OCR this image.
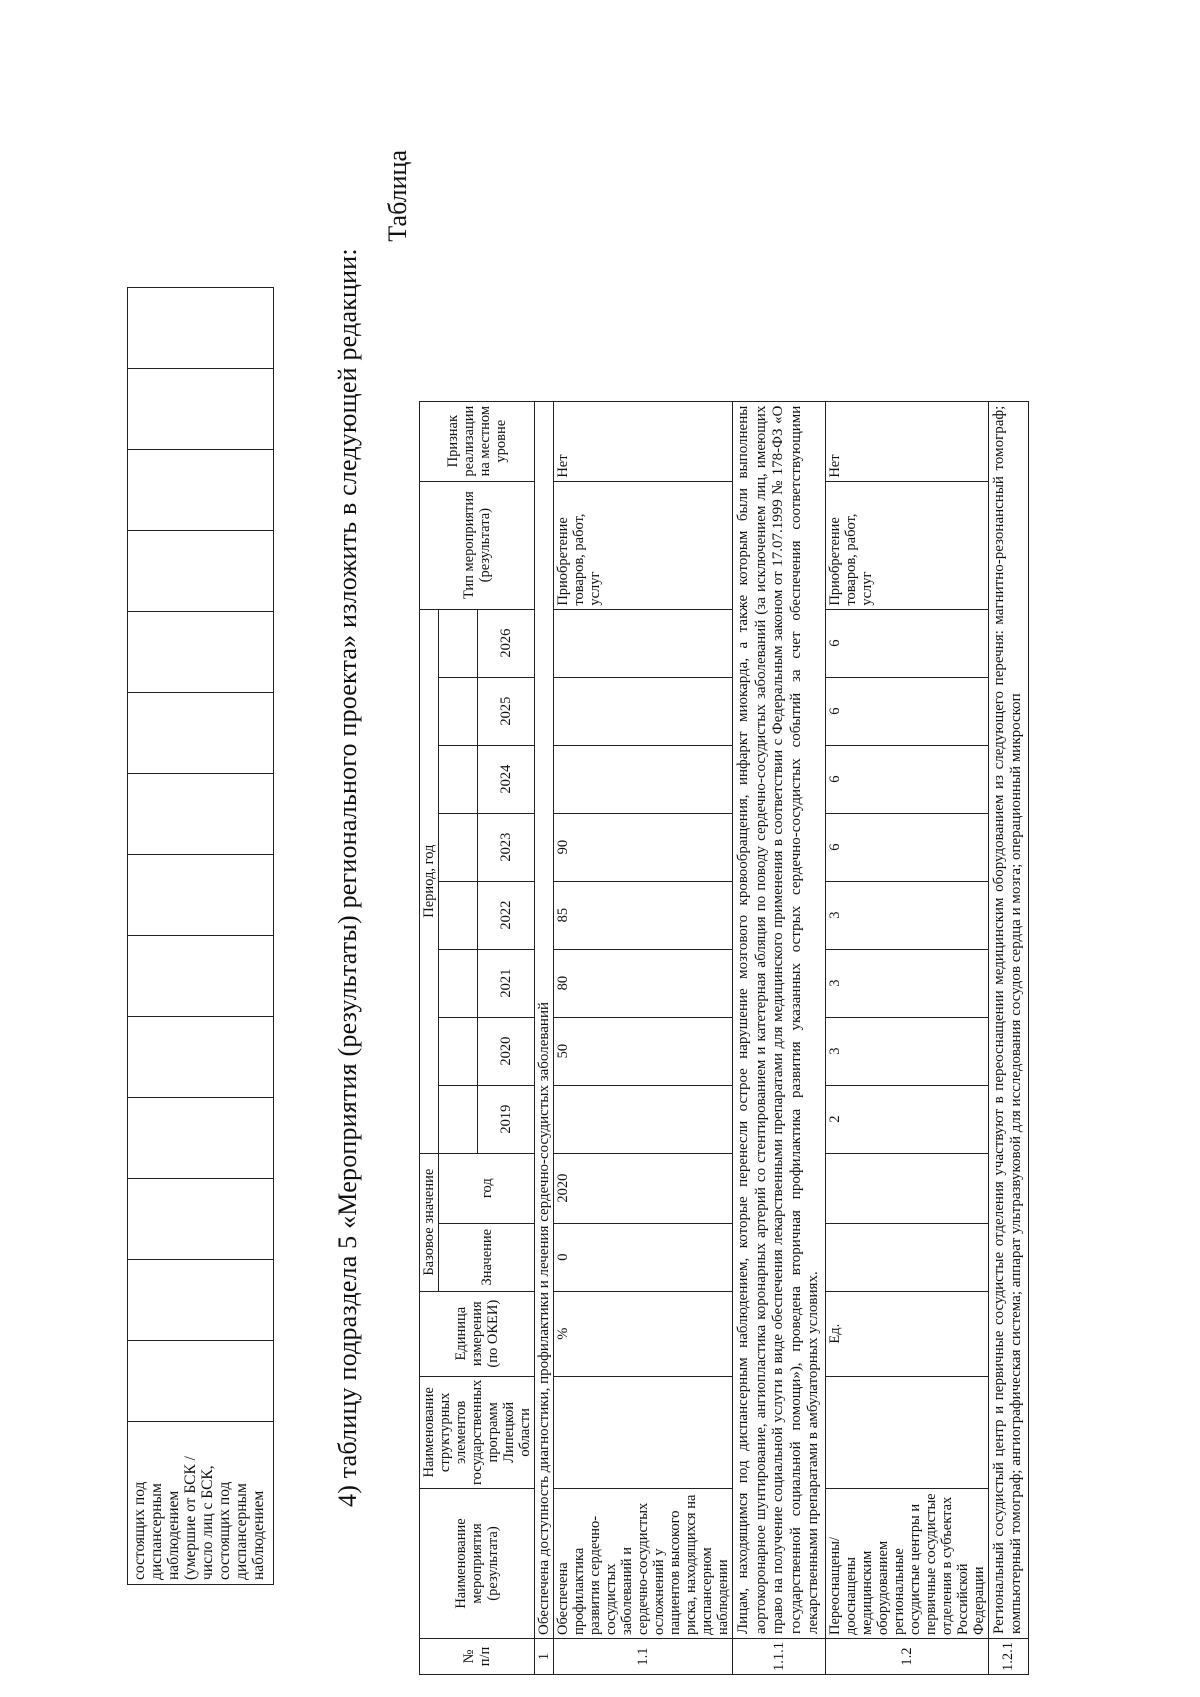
состоящих под диспансерным наблюдением (умершие от БСК / число лиц с БСК, состоящих под диспансерным наблюдением														
4) таблицу подраздела 5 «Мероприятия (результаты) регионального проекта» изложить в следующей редакции:
Таблица
№ п/п	Наименование мероприятия (результата)	Наименование структурных элементов государственных программ Липецкой области	Единица измерения (по ОКЕИ)	Базовое значение		Период, год								Тип мероприятия (результата)	Признак реализации на местном уровне
				Значение	год										
						2019	2020	2021	2022	2023	2024	2025	2026		
1	Обеспечена доступность диагностики, профилактики и лечения сердечно-сосудистых заболеваний														
1.1	Обеспечена профилактика развития сердечно-сосудистых заболеваний и сердечно-сосудистых осложнений у пациентов высокого риска, находящихся на диспансерном наблюдении		%	0	2020		50	80	85	90				Приобретение товаров, работ, услуг	Нет
1.1.1	Лицам, находящимся под диспансерным наблюдением, которые перенесли острое нарушение мозгового кровообращения, инфаркт миокарда, а также которым были выполнены аортокоронарное шунтирование, ангиопластика коронарных артерий со стентированием и катетерная абляция по поводу сердечно-сосудистых заболеваний (за исключением лиц, имеющих право на получение социальной услуги в виде обеспечения лекарственными препаратами для медицинского применения в соответствии с Федеральным законом от 17.07.1999 № 178-ФЗ «О государственной социальной помощи»), проведена вторичная профилактика развития указанных острых сердечно-сосудистых событий за счет обеспечения соответствующими лекарственными препаратами в амбулаторных условиях.														
1.2	Переоснащены/дооснащены медицинским оборудованием региональные сосудистые центры и первичные сосудистые отделения в субъектах Российской Федерации		Ед.			2	3	3	3	6	6	6	6	Приобретение товаров, работ, услуг	Нет
1.2.1	Региональный сосудистый центр и первичные сосудистые отделения участвуют в переоснащении медицинским оборудованием из следующего перечня: магнитно-резонансный томограф; компьютерный томограф; ангиографическая система; аппарат ультразвуковой для исследования сосудов сердца и мозга; операционный микроскоп														
